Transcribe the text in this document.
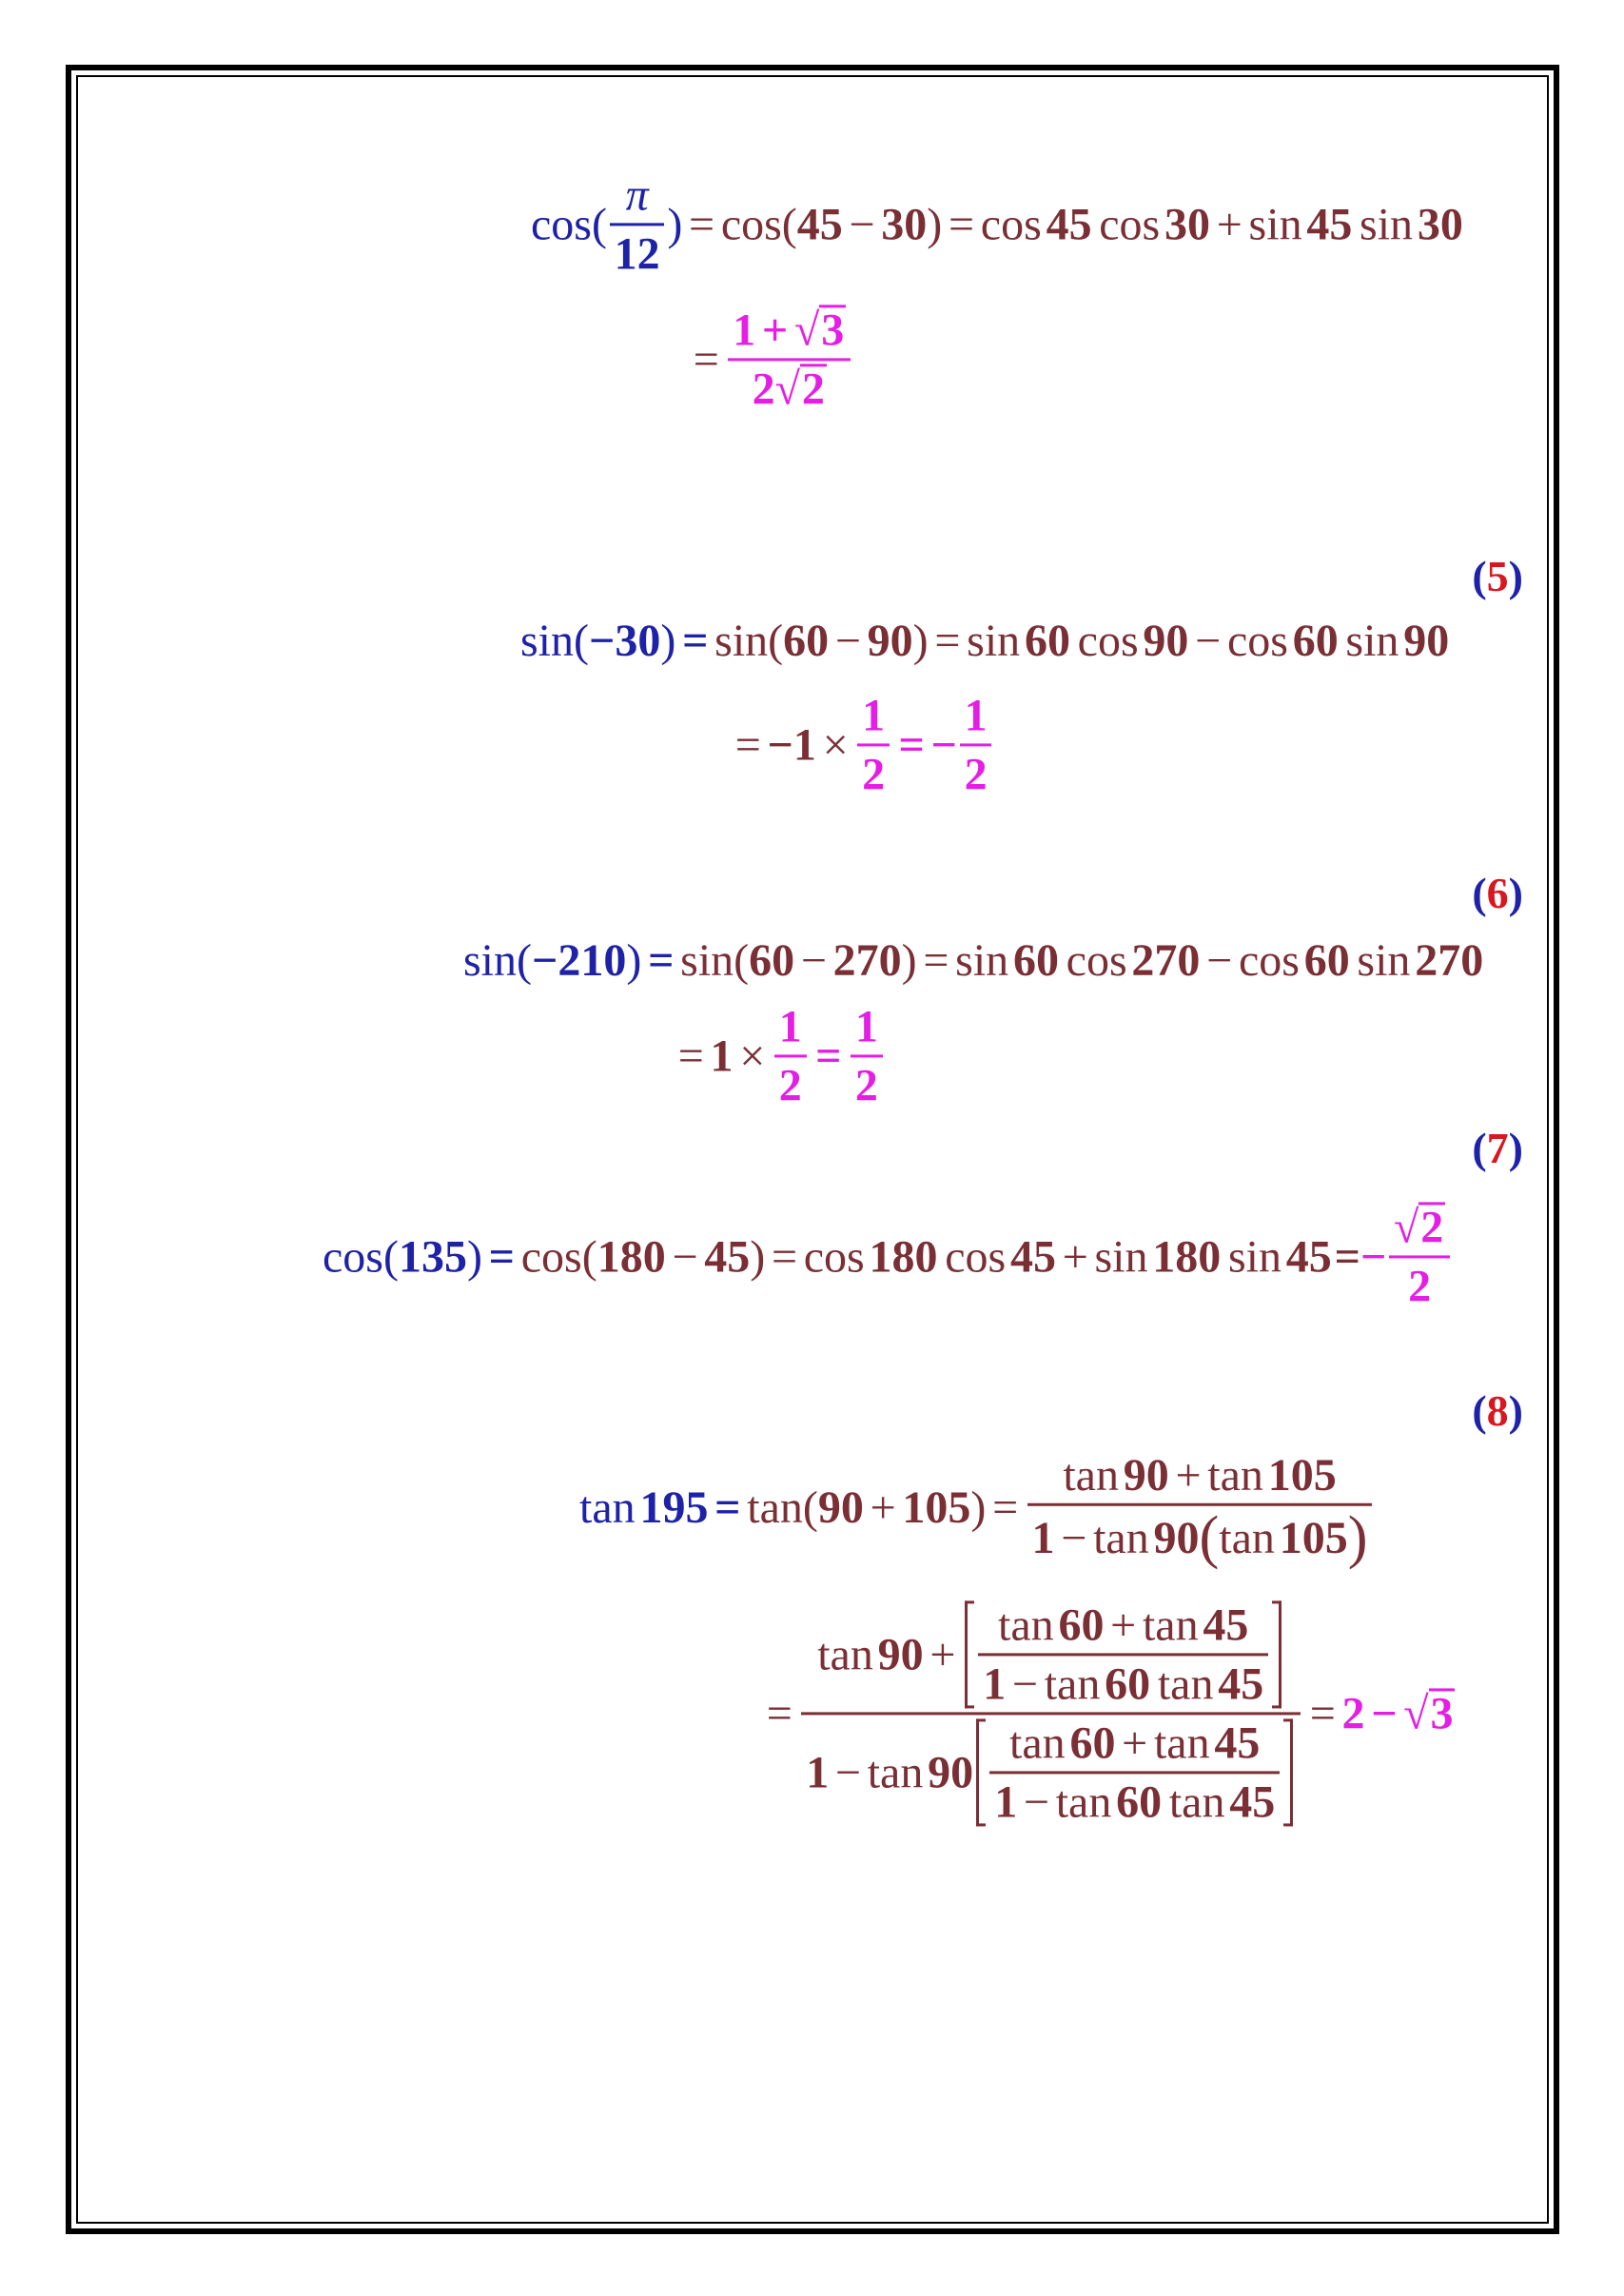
cos ( $\frac{\pi}{12}$ ) = cos ( 45 − 30 ) = cos 45 cos 30 + sin 45 sin 30
= $\frac{1 + √ 3}{2 √ 2}$
( 5 )
sin ( −30 ) = sin ( 60 − 90 ) = sin 60 cos 90 − cos 60 sin 90
= $-1 \times \frac{1}{2}$ = − $\frac{1}{2}$
( 6 )
sin ( −210 ) = sin ( 60 − 270 ) = sin 60 cos 270 − cos 60 sin 270
= $1 \times \frac{1}{2} = \frac{1}{2}$
( 7 )
cos ( 135 ) = cos ( 180 − 45 ) = cos 180 cos 45 + sin 180 sin 45 = − $\frac{√ 2}{2}$
( 8 )
tan 195 = tan ( 90 + 105 ) =
tan 90 + tan 105
1 − tan 90 ( tan 105 )
=
tan 90 +
tan 60 + tan 45
1 − tan 60 tan 45
1 − tan 90
tan 60 + tan 45
1 − tan 60 tan 45
= 2 − √ 3
